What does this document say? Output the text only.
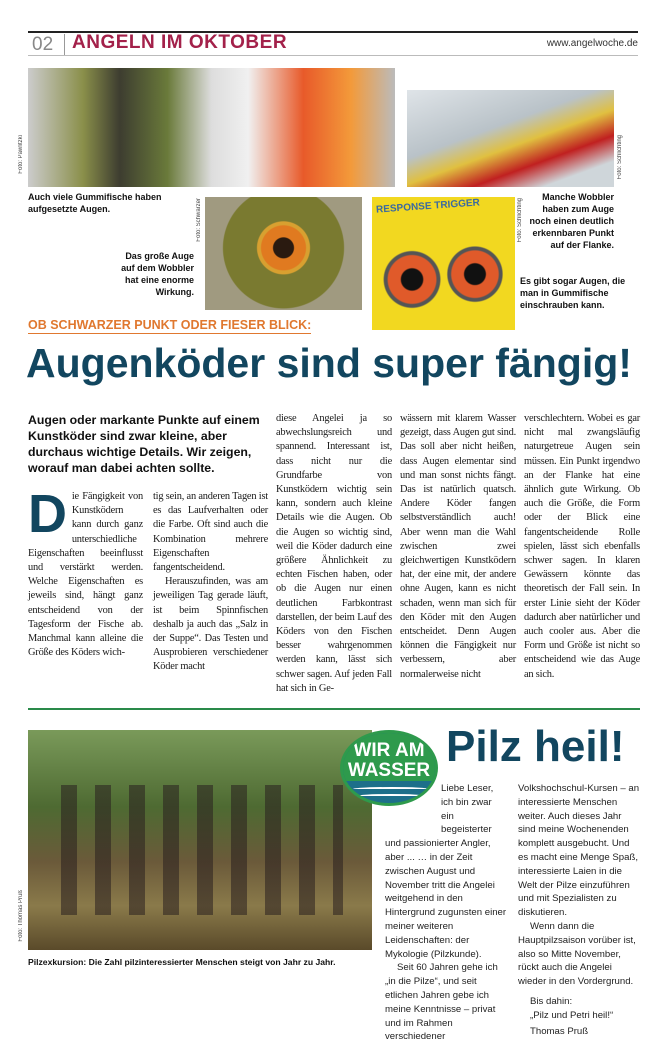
02 ANGELN IM OKTOBER	www.angelwoche.de
Foto: Pawlitzki
Auch viele Gummifische haben aufgesetzte Augen.
Foto: Schlichting
Manche Wobbler haben zum Auge noch einen deutlich erkennbaren Punkt auf der Flanke.
Foto: Schwarzer
Das große Auge auf dem Wobbler hat eine enorme Wirkung.
RESPONSE TRIGGER	Foto: Schlichting
Es gibt sogar Augen, die man in Gummifische einschrauben kann.
OB SCHWARZER PUNKT ODER FIESER BLICK:
Augenköder sind super fängig!
Augen oder markante Punkte auf einem Kunstköder sind zwar kleine, aber durchaus wichtige Details. Wir zeigen, worauf man dabei achten sollte.
Die Fängigkeit von Kunstködern kann durch ganz unterschiedliche Eigenschaften beeinflusst und verstärkt werden. Welche Eigenschaften es jeweils sind, hängt ganz entscheidend von der Tagesform der Fische ab. Manchmal kann alleine die Größe des Köders wich-

tig sein, an anderen Tagen ist es das Laufverhalten oder die Farbe. Oft sind auch die Kombination mehrere Eigenschaften fangentscheidend.

Herauszufinden, was am jeweiligen Tag gerade läuft, ist beim Spinnfischen deshalb ja auch das „Salz in der Suppe“. Das Testen und Ausprobieren verschiedener Köder macht

diese Angelei ja so abwechslungsreich und spannend. Interessant ist, dass nicht nur die Grundfarbe von Kunstködern wichtig sein kann, sondern auch kleine Details wie die Augen. Ob die Augen so wichtig sind, weil die Köder dadurch eine größere Ähnlichkeit zu echten Fischen haben, oder ob die Augen nur einen deutlichen Farbkontrast darstellen, der beim Lauf des Köders von den Fischen besser wahrgenommen werden kann, lässt sich schwer sagen. Auf jeden Fall hat sich in Ge-
wässern mit klarem Wasser gezeigt, dass Augen gut sind. Das soll aber nicht heißen, dass Augen elementar sind und man sonst nichts fängt. Das ist natürlich quatsch. Andere Köder fangen selbstverständlich auch! Aber wenn man die Wahl zwischen zwei gleichwertigen Kunstködern hat, der eine mit, der andere ohne Augen, kann es nicht schaden, wenn man sich für den Köder mit den Augen entscheidet. Denn Augen können die Fängigkeit nur verbessern, aber normalerweise nicht
verschlechtern. Wobei es gar nicht mal zwangsläufig naturgetreue Augen sein müssen. Ein Punkt irgendwo an der Flanke hat eine ähnlich gute Wirkung. Ob auch die Größe, die Form oder der Blick eine fangentscheidende Rolle spielen, lässt sich ebenfalls schwer sagen. In klaren Gewässern könnte das theoretisch der Fall sein. In erster Linie sieht der Köder dadurch aber natürlicher und auch cooler aus. Aber die Form und Größe ist nicht so entscheidend wie das Auge an sich.
Foto: Thomas Pruß
Pilzexkursion: Die Zahl pilzinteressierter Menschen steigt von Jahr zu Jahr.
WIR AM
WASSER Pilz heil!

Liebe Leser, ich bin zwar ein begeisterter und passionierter Angler, aber ... … in der Zeit zwischen August und November tritt die Angelei weitgehend in den Hintergrund zugunsten einer meiner weiteren Leidenschaften: der Mykologie (Pilzkunde).

Seit 60 Jahren gehe ich „in die Pilze“, und seit etlichen Jahren gebe ich meine Kenntnisse – privat und im Rahmen verschiedener Volkshochschul-Kursen – an interessierte Menschen weiter. Auch dieses Jahr sind meine Wochenenden komplett ausgebucht. Und es macht eine Menge Spaß, interessierte Laien in die Welt der Pilze einzuführen und mit Spezialisten zu diskutieren.

Wenn dann die Hauptpilzsaison vorüber ist, also so Mitte November, rückt auch die Angelei wieder in den Vordergrund.

Bis dahin:
„Pilz und Petri heil!“
Thomas Pruß
